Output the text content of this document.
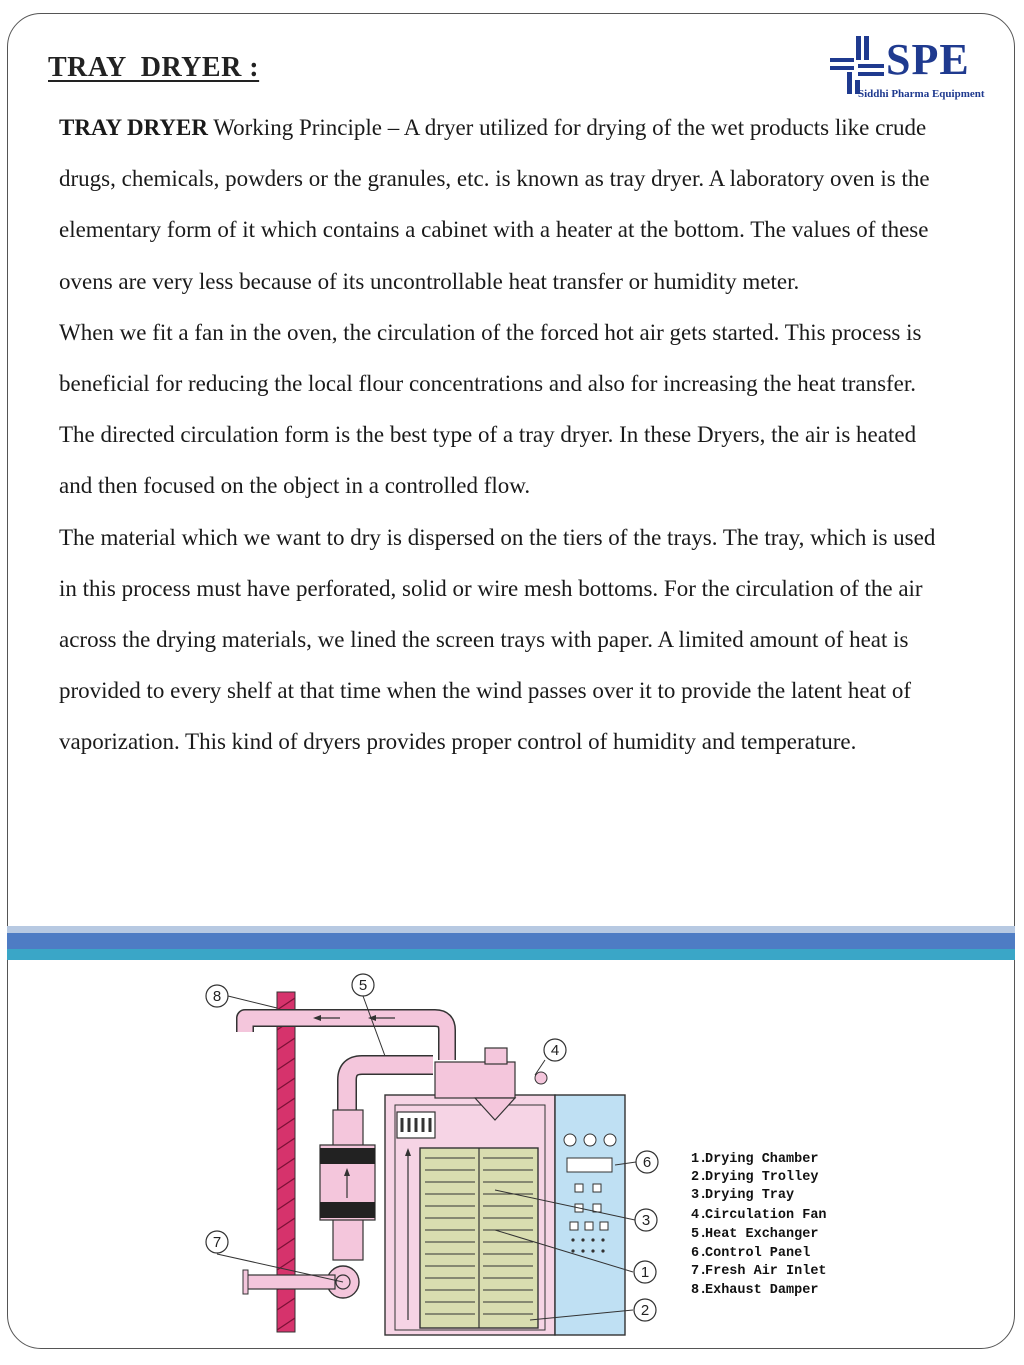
TRAY  DRYER :	SPE
Siddhi Pharma Equipment

TRAY DRYER Working Principle – A dryer utilized for drying of the wet products like crude drugs, chemicals, powders or the granules, etc. is known as tray dryer. A laboratory oven is the elementary form of it which contains a cabinet with a heater at the bottom. The values of these ovens are very less because of its uncontrollable heat transfer or humidity meter.

When we fit a fan in the oven, the circulation of the forced hot air gets started. This process is beneficial for reducing the local flour concentrations and also for increasing the heat transfer. The directed circulation form is the best type of a tray dryer. In these Dryers, the air is heated and then focused on the object in a controlled flow.

The material which we want to dry is dispersed on the tiers of the trays. The tray, which is used in this process must have perforated, solid or wire mesh bottoms. For the circulation of the air across the drying materials, we lined the screen trays with paper. A limited amount of heat is provided to every shelf at that time when the wind passes over it to provide the latent heat of vaporization. This kind of dryers provides proper control of humidity and temperature.

8
5
4
6
3
1
2
7
1.
Drying Chamber
2.
Drying Trolley
3.
Drying Tray
4.
Circulation Fan
5.
Heat Exchanger
6.
Control Panel
7.
Fresh Air Inlet
8.
Exhaust Damper
